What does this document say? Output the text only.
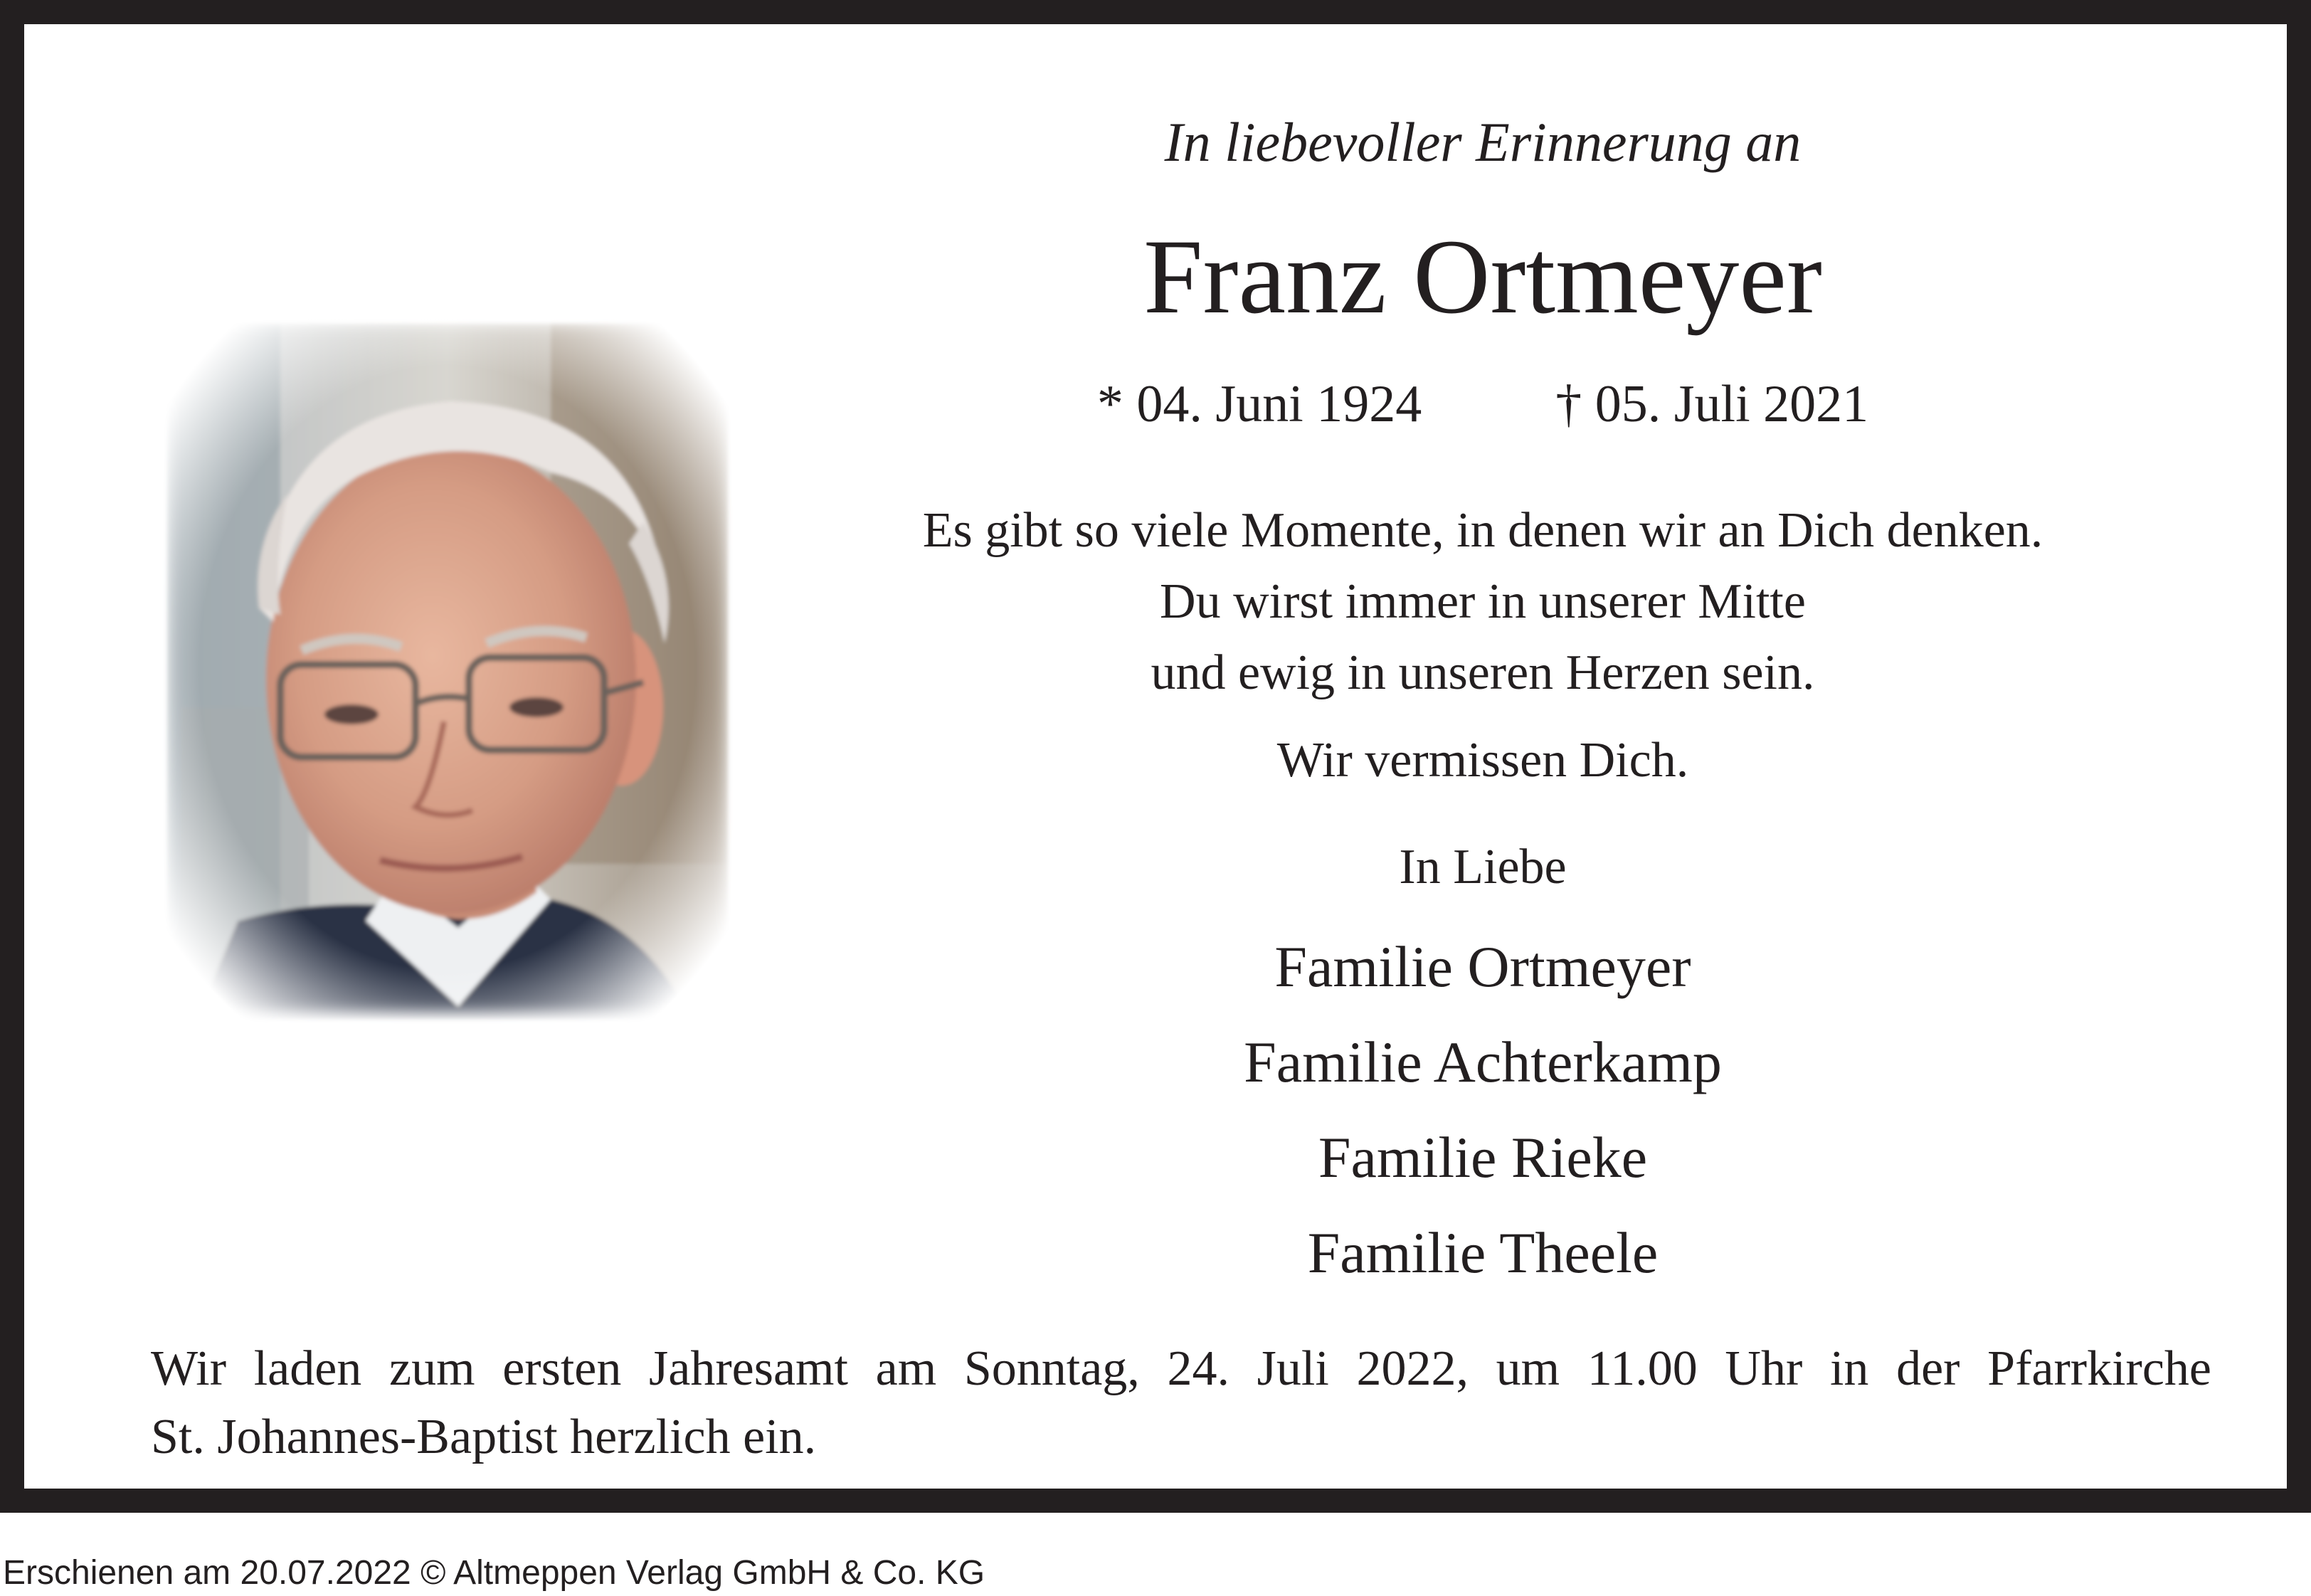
In liebevoller Erinnerung an
Franz Ortmeyer
* 04. Juni 1924	† 05. Juli 2021
Es gibt so viele Momente, in denen wir an Dich denken.
Du wirst immer in unserer Mitte
und ewig in unseren Herzen sein.
Wir vermissen Dich.
In Liebe
Familie Ortmeyer
Familie Achterkamp
Familie Rieke
Familie Theele
Wir laden zum ersten Jahresamt am Sonntag, 24. Juli 2022, um 11.00 Uhr in der Pfarrkirche
St. Johannes-Baptist herzlich ein.
Erschienen am 20.07.2022 © Altmeppen Verlag GmbH & Co. KG
